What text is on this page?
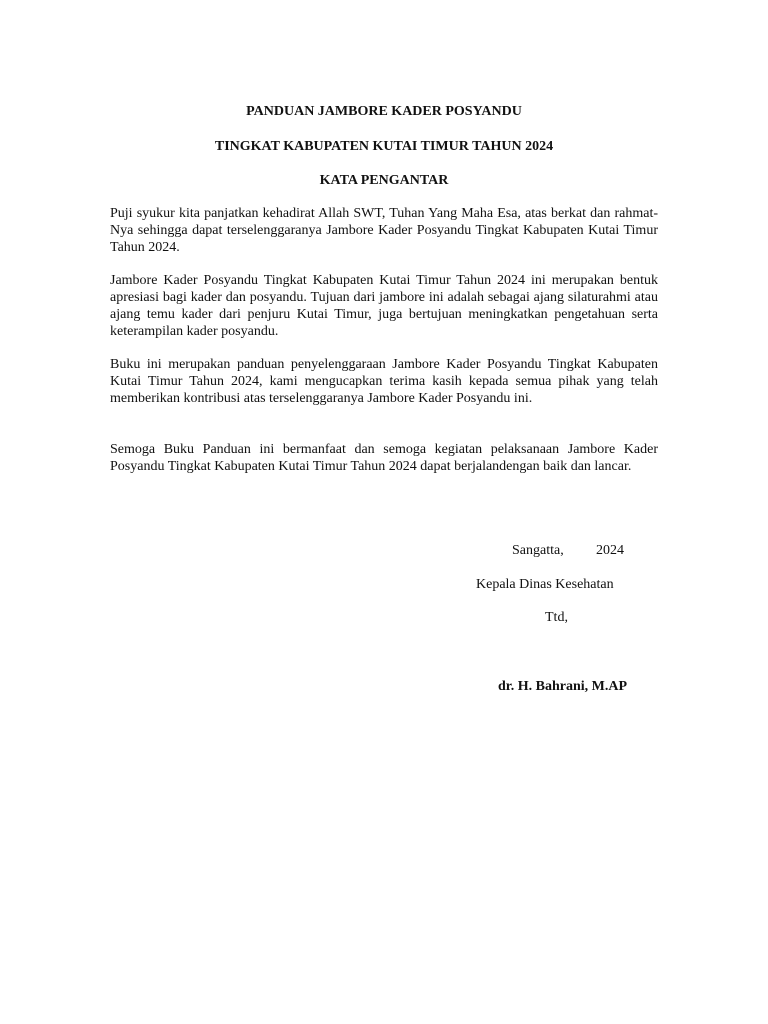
PANDUAN JAMBORE KADER POSYANDU

TINGKAT KABUPATEN KUTAI TIMUR TAHUN 2024

KATA PENGANTAR

Puji syukur kita panjatkan kehadirat Allah SWT, Tuhan Yang Maha Esa, atas berkat dan rahmat-Nya sehingga dapat terselenggaranya Jambore Kader Posyandu Tingkat Kabupaten Kutai Timur Tahun 2024.

Jambore Kader Posyandu Tingkat Kabupaten Kutai Timur Tahun 2024 ini merupakan bentuk apresiasi bagi kader dan posyandu. Tujuan dari jambore ini adalah sebagai ajang silaturahmi atau ajang temu kader dari penjuru Kutai Timur, juga bertujuan meningkatkan pengetahuan serta keterampilan kader posyandu.

Buku ini merupakan panduan penyelenggaraan Jambore Kader Posyandu Tingkat Kabupaten Kutai Timur Tahun 2024, kami mengucapkan terima kasih kepada semua pihak yang telah memberikan kontribusi atas terselenggaranya Jambore Kader Posyandu ini.

Semoga Buku Panduan ini bermanfaat dan semoga kegiatan pelaksanaan Jambore Kader Posyandu Tingkat Kabupaten Kutai Timur Tahun 2024 dapat berjalandengan baik dan lancar.

Sangatta, 2024

Kepala Dinas Kesehatan

Ttd,

dr. H. Bahrani, M.AP
